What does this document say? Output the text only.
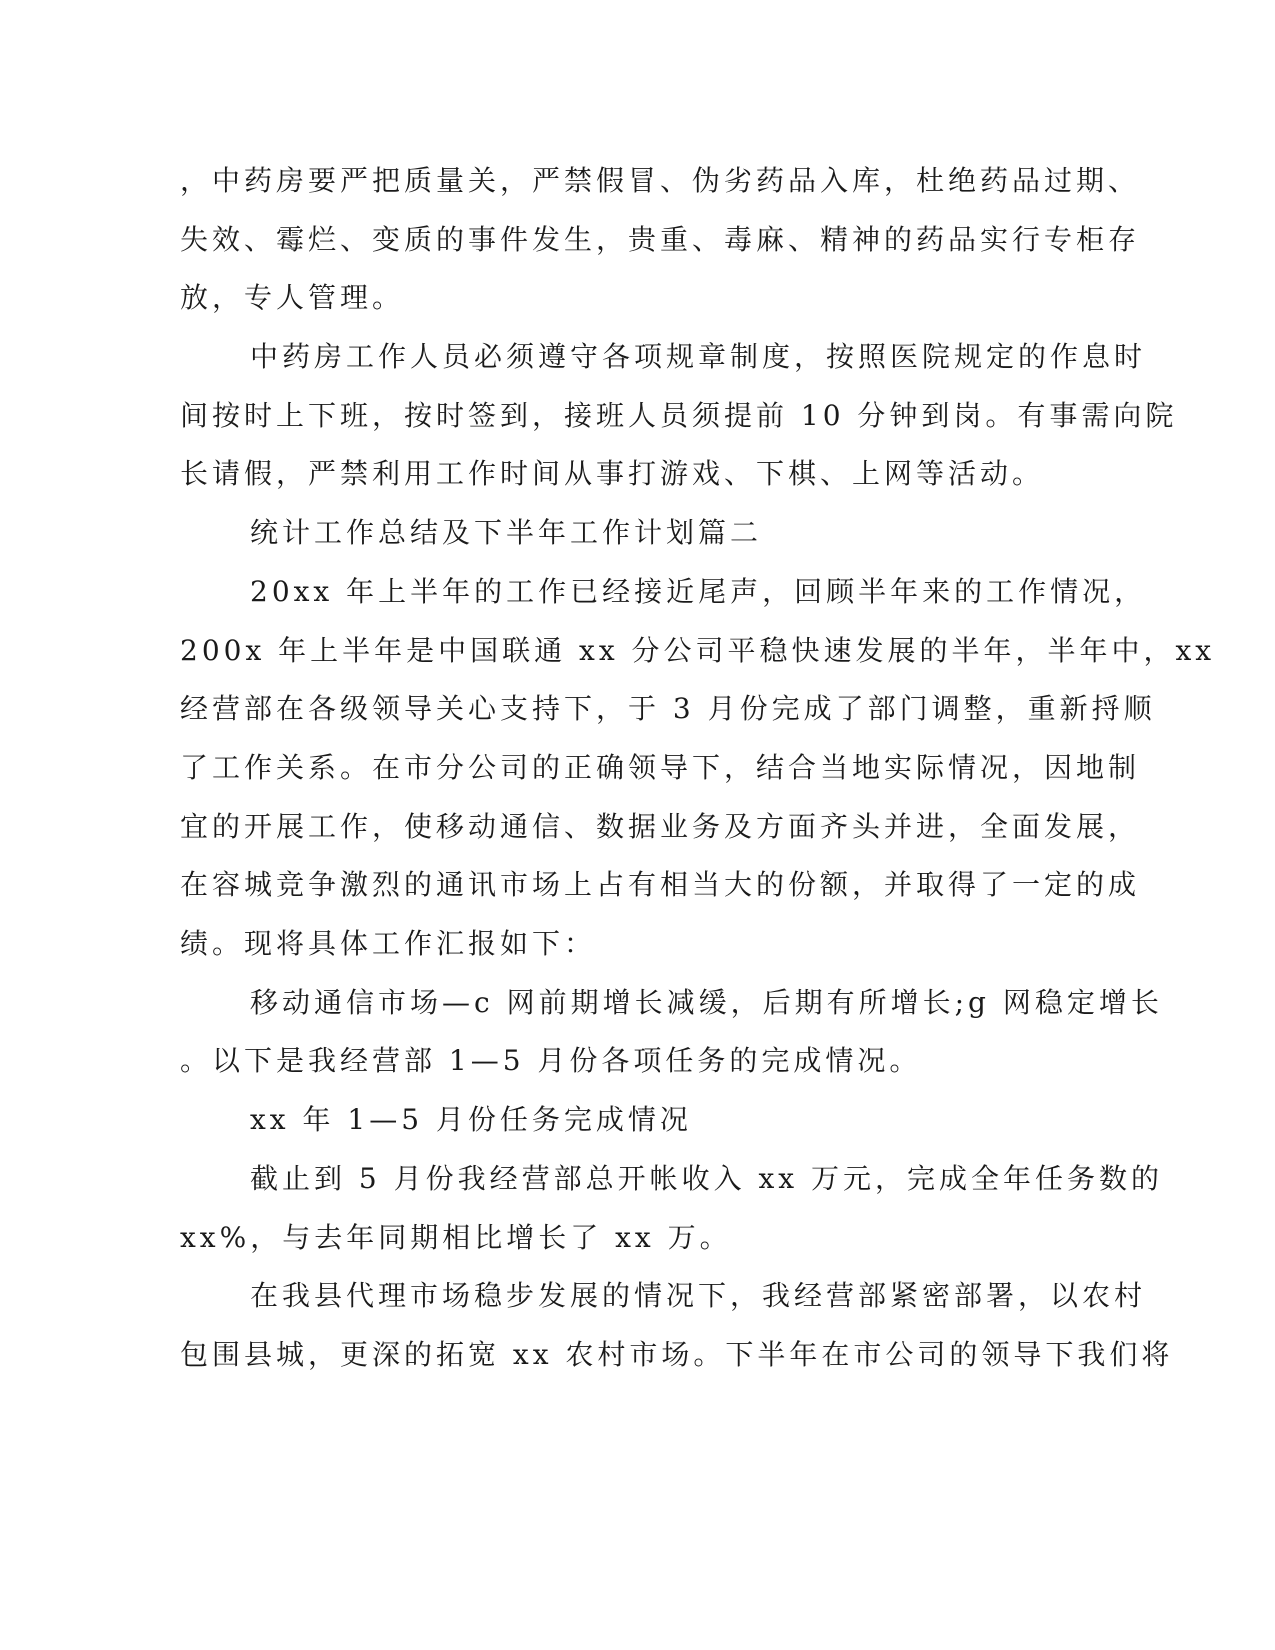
，中药房要严把质量关，严禁假冒、伪劣药品入库，杜绝药品过期、
失效、霉烂、变质的事件发生，贵重、毒麻、精神的药品实行专柜存
放，专人管理。
中药房工作人员必须遵守各项规章制度，按照医院规定的作息时
间按时上下班，按时签到，接班人员须提前 10 分钟到岗。有事需向院
长请假，严禁利用工作时间从事打游戏、下棋、上网等活动。
统计工作总结及下半年工作计划篇二
20xx 年上半年的工作已经接近尾声，回顾半年来的工作情况，
200x 年上半年是中国联通 xx 分公司平稳快速发展的半年，半年中，xx
经营部在各级领导关心支持下，于 3 月份完成了部门调整，重新捋顺
了工作关系。在市分公司的正确领导下，结合当地实际情况，因地制
宜的开展工作，使移动通信、数据业务及方面齐头并进，全面发展，
在容城竞争激烈的通讯市场上占有相当大的份额，并取得了一定的成
绩。现将具体工作汇报如下：
移动通信市场—c 网前期增长减缓，后期有所增长;g 网稳定增长
。以下是我经营部 1—5 月份各项任务的完成情况。
xx 年 1—5 月份任务完成情况
截止到 5 月份我经营部总开帐收入 xx 万元，完成全年任务数的
xx%，与去年同期相比增长了 xx 万。
在我县代理市场稳步发展的情况下，我经营部紧密部署，以农村
包围县城，更深的拓宽 xx 农村市场。下半年在市公司的领导下我们将
